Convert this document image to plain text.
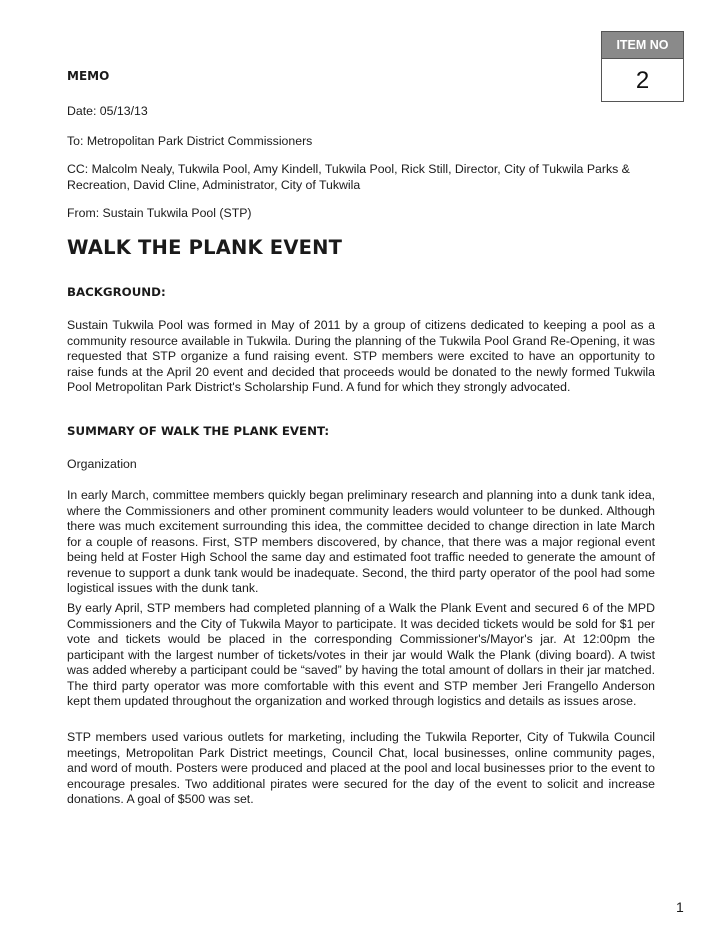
ITEM NO
2
MEMO
Date: 05/13/13
To: Metropolitan Park District Commissioners
CC: Malcolm Nealy, Tukwila Pool, Amy Kindell, Tukwila Pool, Rick Still, Director, City of Tukwila Parks & Recreation, David Cline, Administrator, City of Tukwila
From: Sustain Tukwila Pool (STP)
WALK THE PLANK EVENT
BACKGROUND:

Sustain Tukwila Pool was formed in May of 2011 by a group of citizens dedicated to keeping a pool as a community resource available in Tukwila. During the planning of the Tukwila Pool Grand Re-Opening, it was requested that STP organize a fund raising event. STP members were excited to have an opportunity to raise funds at the April 20 event and decided that proceeds would be donated to the newly formed Tukwila Pool Metropolitan Park District's Scholarship Fund. A fund for which they strongly advocated.

SUMMARY OF WALK THE PLANK EVENT:
Organization

In early March, committee members quickly began preliminary research and planning into a dunk tank idea, where the Commissioners and other prominent community leaders would volunteer to be dunked. Although there was much excitement surrounding this idea, the committee decided to change direction in late March for a couple of reasons. First, STP members discovered, by chance, that there was a major regional event being held at Foster High School the same day and estimated foot traffic needed to generate the amount of revenue to support a dunk tank would be inadequate. Second, the third party operator of the pool had some logistical issues with the dunk tank.

By early April, STP members had completed planning of a Walk the Plank Event and secured 6 of the MPD Commissioners and the City of Tukwila Mayor to participate. It was decided tickets would be sold for $1 per vote and tickets would be placed in the corresponding Commissioner's/Mayor's jar. At 12:00pm the participant with the largest number of tickets/votes in their jar would Walk the Plank (diving board). A twist was added whereby a participant could be “saved” by having the total amount of dollars in their jar matched. The third party operator was more comfortable with this event and STP member Jeri Frangello Anderson kept them updated throughout the organization and worked through logistics and details as issues arose.

STP members used various outlets for marketing, including the Tukwila Reporter, City of Tukwila Council meetings, Metropolitan Park District meetings, Council Chat, local businesses, online community pages, and word of mouth. Posters were produced and placed at the pool and local businesses prior to the event to encourage presales. Two additional pirates were secured for the day of the event to solicit and increase donations. A goal of $500 was set.

1
